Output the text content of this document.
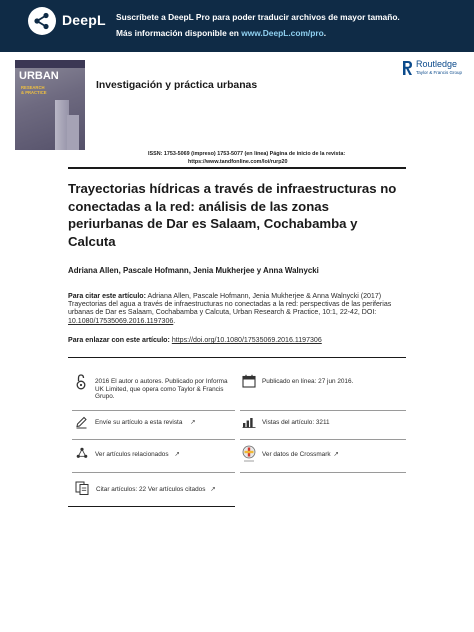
DeepL Suscríbete a DeepL Pro para poder traducir archivos de mayor tamaño.
Más información disponible en www.DeepL.com/pro.
URBAN
RESEARCH
& PRACTICE
Investigación y práctica urbanas
Routledge
Taylor & Francis Group
ISSN: 1753-5069 (impreso) 1753-5077 (en línea) Página de inicio de la revista:
https://www.tandfonline.com/loi/rurp20
Trayectorias hídricas a través de infraestructuras no conectadas a la red: análisis de las zonas periurbanas de Dar es Salaam, Cochabamba y Calcuta
Adriana Allen, Pascale Hofmann, Jenia Mukherjee y Anna Walnycki
Para citar este artículo: Adriana Allen, Pascale Hofmann, Jenia Mukherjee & Anna Walnycki (2017) Trayectorias del agua a través de infraestructuras no conectadas a la red: perspectivas de las periferias urbanas de Dar es Salaam, Cochabamba y Calcuta, Urban Research & Practice, 10:1, 22-42, DOI: 10.1080/17535069.2016.1197306.
Para enlazar con este artículo: https://doi.org/10.1080/17535069.2016.1197306
2016 El autor o autores. Publicado por Informa UK Limited, que opera como Taylor & Francis Grupo.
Envíe su artículo a esta revista ↗
Ver artículos relacionados ↗
Citar artículos: 22 Ver artículos citados ↗
Publicado en línea: 27 jun 2016.
Vistas del artículo: 3211
Ver datos de Crossmark ↗
